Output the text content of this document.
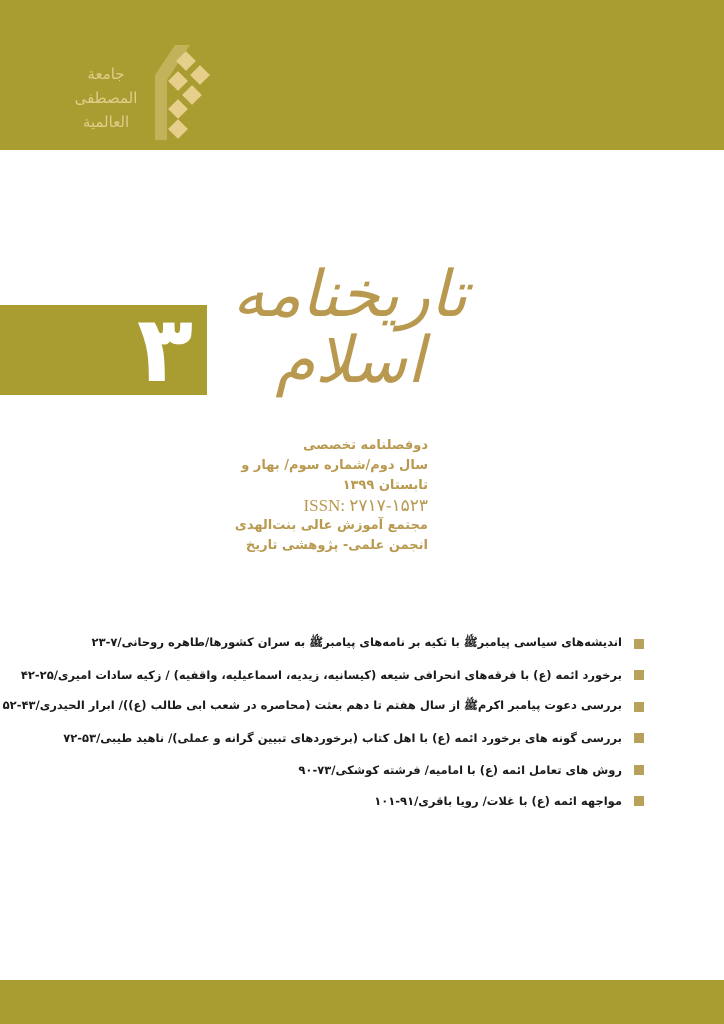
جامعة
المصطفی
العالمیة
۳
تاریخنامه اسلام
دوفصلنامه تخصصی
سال دوم/شماره سوم/ بهار و تابستان ۱۳۹۹
ISSN: ۲۷۱۷-۱۵۲۳
مجتمع آموزش عالی بنت‌الهدی
انجمن علمی- پژوهشی تاریخ
اندیشه‌های سیاسی پیامبرﷺ با تکیه بر نامه‌های پیامبرﷺ به سران کشورها/طاهره روحانی/۷-۲۳
برخورد ائمه (ع) با فرقه‌های انحرافی شیعه (کیسانیه، زیدیه، اسماعیلیه، واقفیه) / زکیه سادات امیری/۲۵-۴۲
بررسی دعوت پیامبر اکرمﷺ از سال هفتم تا دهم بعثت (محاصره در شعب ابی طالب (ع))/ ابرار الحیدری/۴۳-۵۲
بررسی گونه های برخورد ائمه (ع) با اهل کتاب (برخوردهای تبیین گرانه و عملی)/ ناهید طیبی/۵۳-۷۲
روش های تعامل ائمه (ع) با امامیه/ فرشته کوشکی/۷۳-۹۰
مواجهه ائمه (ع) با غلات/ رویا باقری/۹۱-۱۰۱
